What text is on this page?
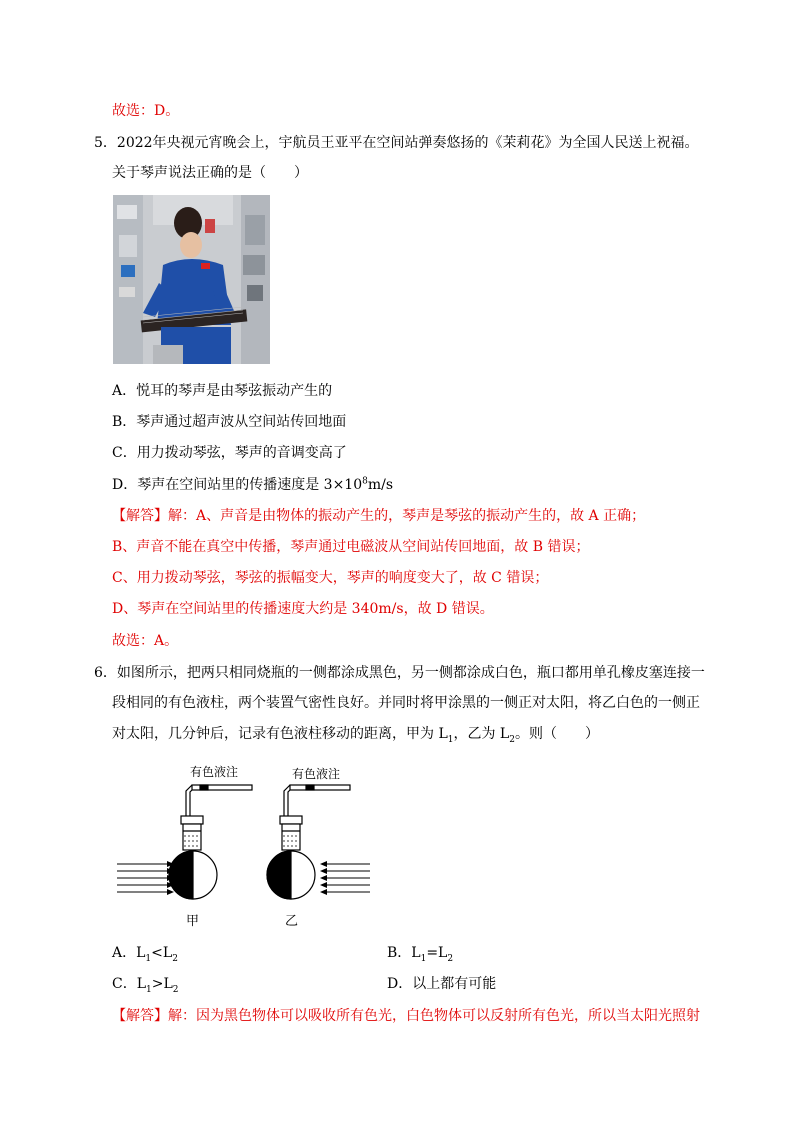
故选：D。
5．2022年央视元宵晚会上，宇航员王亚平在空间站弹奏悠扬的《茉莉花》为全国人民送上祝福。
关于琴声说法正确的是（　　）
A．悦耳的琴声是由琴弦振动产生的
B．琴声通过超声波从空间站传回地面
C．用力拨动琴弦，琴声的音调变高了
D．琴声在空间站里的传播速度是 $3\times 10^8m/s$
【解答】解：A、声音是由物体的振动产生的，琴声是琴弦的振动产生的，故 A 正确；
B、声音不能在真空中传播，琴声通过电磁波从空间站传回地面，故 B 错误；
C、用力拨动琴弦，琴弦的振幅变大，琴声的响度变大了，故 C 错误；
D、琴声在空间站里的传播速度大约是 340m/s，故 D 错误。
故选：A。
6．如图所示，把两只相同烧瓶的一侧都涂成黑色，另一侧都涂成白色，瓶口都用单孔橡皮塞连接一
段相同的有色液柱，两个装置气密性良好。并同时将甲涂黑的一侧正对太阳，将乙白色的一侧正
对太阳，几分钟后，记录有色液柱移动的距离，甲为 $L_1$，乙为 $L_2$。则（　　）
有色液注	有色液注
甲	乙
A．$L_1<L_2$	B．$L_1=L_2$
C．$L_1>L_2$	D．以上都有可能
【解答】解：因为黑色物体可以吸收所有色光，白色物体可以反射所有色光，所以当太阳光照射
